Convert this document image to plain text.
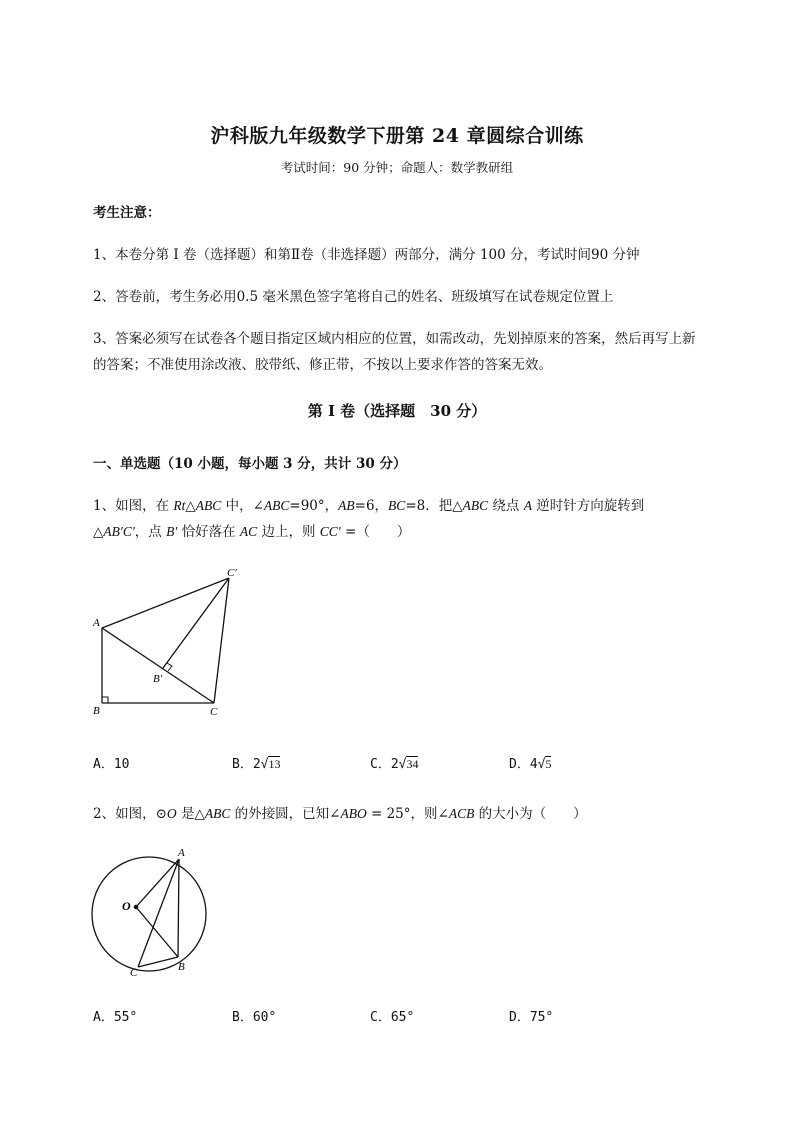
沪科版九年级数学下册第 24 章圆综合训练
考试时间：90 分钟；命题人：数学教研组
考生注意：
1、本卷分第 I 卷（选择题）和第Ⅱ卷（非选择题）两部分，满分 100 分，考试时间90 分钟
2、答卷前，考生务必用0.5 毫米黑色签字笔将自己的姓名、班级填写在试卷规定位置上
3、答案必须写在试卷各个题目指定区域内相应的位置，如需改动，先划掉原来的答案，然后再写上新
的答案；不准使用涂改液、胶带纸、修正带，不按以上要求作答的答案无效。
第 I 卷（选择题　30 分）
一、单选题（10 小题，每小题 3 分，共计 30 分）
1、如图，在 Rt△ABC 中，∠ABC=90°，AB=6，BC=8．把△ABC 绕点 A 逆时针方向旋转到
△AB′C′，点 B′ 恰好落在 AC 边上，则 CC′ =（　　）
A
B	C
B′
C′
A．10	B．2√13	C．2√34	D．4√5
2、如图，⊙O 是△ABC 的外接圆，已知∠ABO = 25°，则∠ACB 的大小为（　　）
A
B
C
O
A．55°	B．60°	C．65°	D．75°
